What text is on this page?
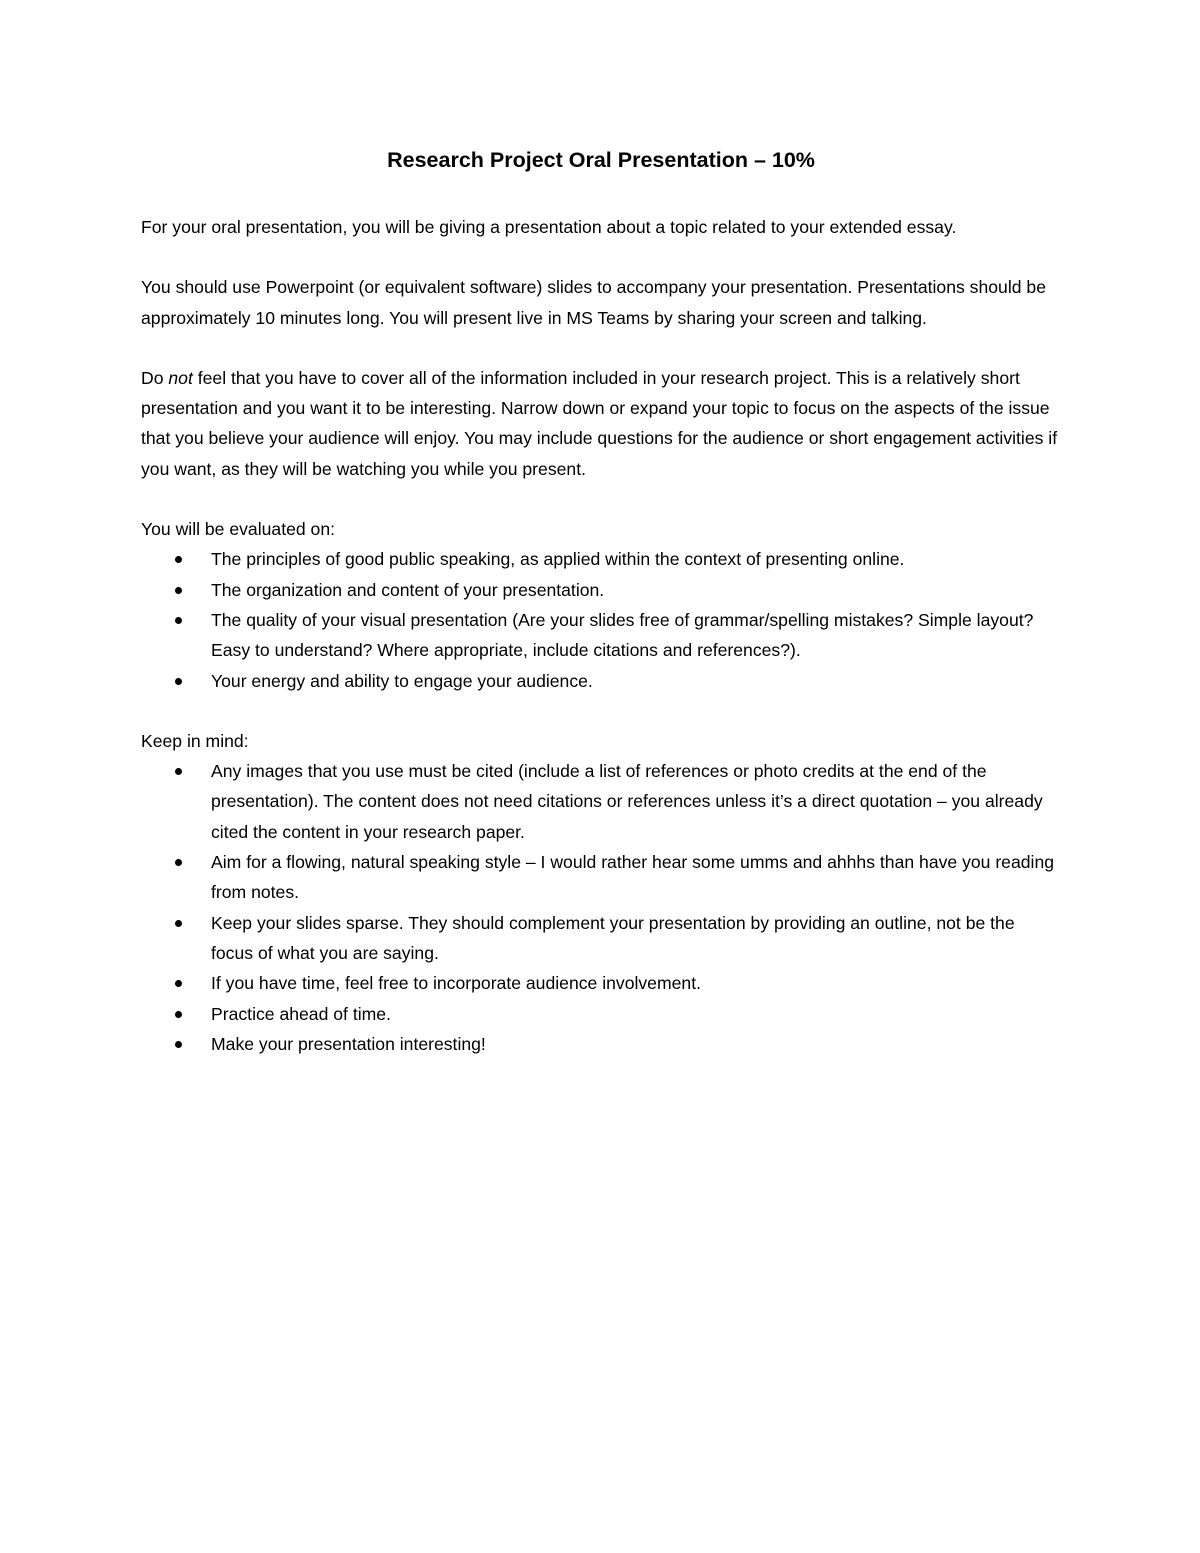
Research Project Oral Presentation – 10%

For your oral presentation, you will be giving a presentation about a topic related to your extended essay.

You should use Powerpoint (or equivalent software) slides to accompany your presentation. Presentations should be approximately 10 minutes long. You will present live in MS Teams by sharing your screen and talking.

Do not feel that you have to cover all of the information included in your research project. This is a relatively short presentation and you want it to be interesting. Narrow down or expand your topic to focus on the aspects of the issue that you believe your audience will enjoy. You may include questions for the audience or short engagement activities if you want, as they will be watching you while you present.

You will be evaluated on:

The principles of good public speaking, as applied within the context of presenting online.
The organization and content of your presentation.
The quality of your visual presentation (Are your slides free of grammar/spelling mistakes? Simple layout? Easy to understand? Where appropriate, include citations and references?).
Your energy and ability to engage your audience.

Keep in mind:

Any images that you use must be cited (include a list of references or photo credits at the end of the presentation). The content does not need citations or references unless it’s a direct quotation – you already cited the content in your research paper.
Aim for a flowing, natural speaking style – I would rather hear some umms and ahhhs than have you reading from notes.
Keep your slides sparse. They should complement your presentation by providing an outline, not be the focus of what you are saying.
If you have time, feel free to incorporate audience involvement.
Practice ahead of time.
Make your presentation interesting!
